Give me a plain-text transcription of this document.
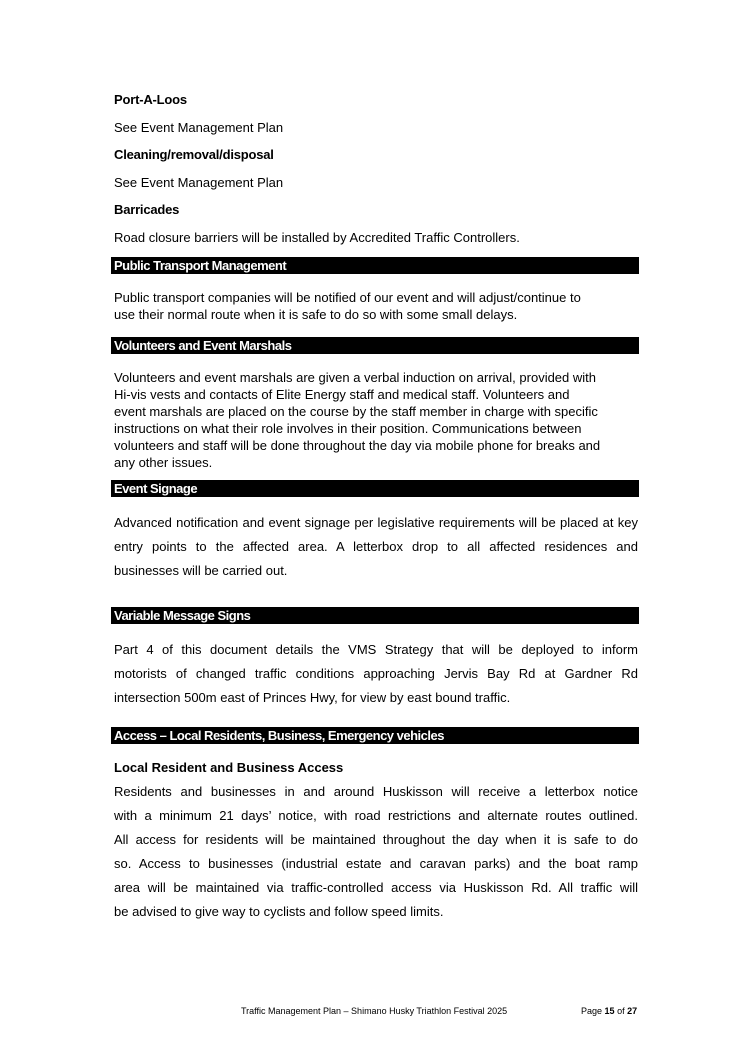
Port-A-Loos
See Event Management Plan
Cleaning/removal/disposal
See Event Management Plan
Barricades
Road closure barriers will be installed by Accredited Traffic Controllers.
Public Transport Management
Public transport companies will be notified of our event and will adjust/continue to
use their normal route when it is safe to do so with some small delays.
Volunteers and Event Marshals
Volunteers and event marshals are given a verbal induction on arrival, provided with
Hi-vis vests and contacts of Elite Energy staff and medical staff. Volunteers and
event marshals are placed on the course by the staff member in charge with specific
instructions on what their role involves in their position. Communications between
volunteers and staff will be done throughout the day via mobile phone for breaks and
any other issues.
Event Signage
Advanced notification and event signage per legislative requirements will be placed at key
entry points to the affected area. A letterbox drop to all affected residences and
businesses will be carried out.
Variable Message Signs
Part 4 of this document details the VMS Strategy that will be deployed to inform
motorists of changed traffic conditions approaching Jervis Bay Rd at Gardner Rd
intersection 500m east of Princes Hwy, for view by east bound traffic.
Access – Local Residents, Business, Emergency vehicles
Local Resident and Business Access
Residents and businesses in and around Huskisson will receive a letterbox notice
with a minimum 21 days’ notice, with road restrictions and alternate routes outlined.
All access for residents will be maintained throughout the day when it is safe to do
so. Access to businesses (industrial estate and caravan parks) and the boat ramp
area will be maintained via traffic-controlled access via Huskisson Rd. All traffic will
be advised to give way to cyclists and follow speed limits.
Traffic Management Plan – Shimano Husky Triathlon Festival 2025	Page 15 of 27
